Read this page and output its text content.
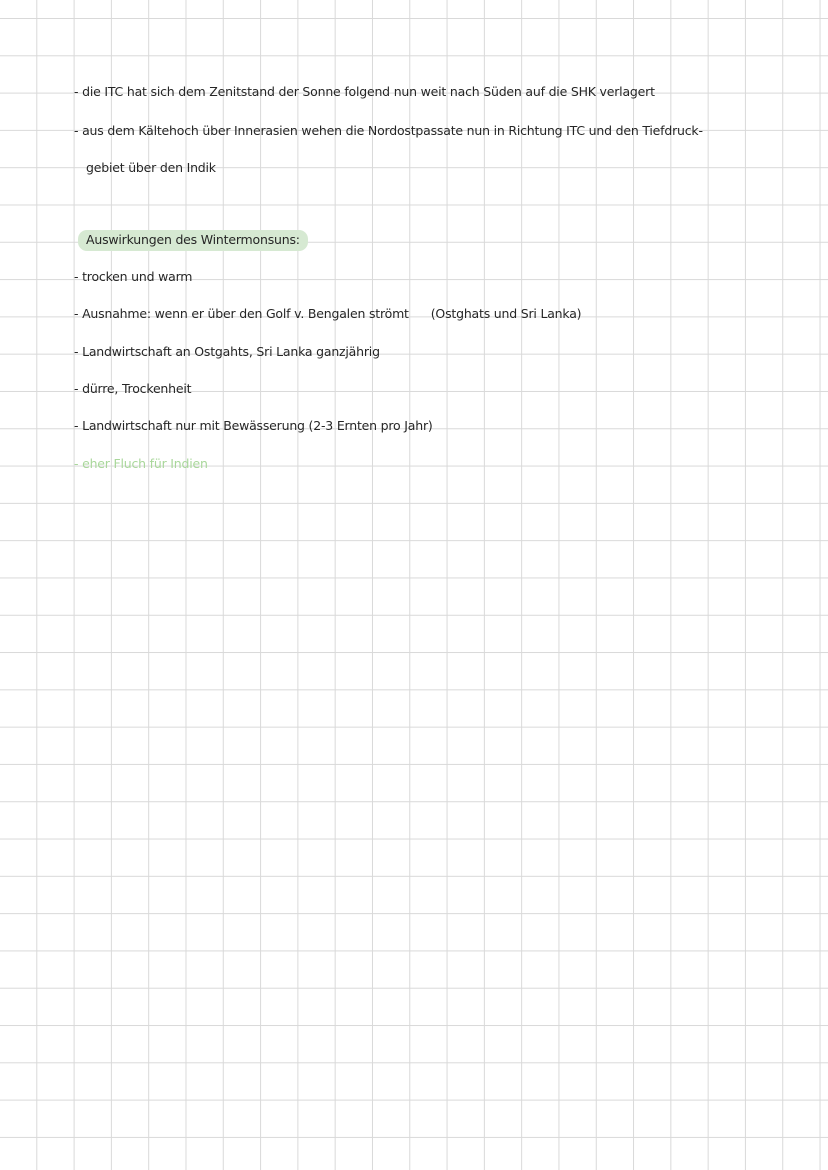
- die ITC hat sich dem Zenitstand der Sonne folgend nun weit nach Süden auf die SHK verlagert
- aus dem Kältehoch über Innerasien wehen die Nordostpassate nun in Richtung ITC und den Tiefdruck-
gebiet über den Indik
Auswirkungen des Wintermonsuns:
- trocken und warm
- Ausnahme: wenn er über den Golf v. Bengalen strömt (Ostghats und Sri Lanka)
- Landwirtschaft an Ostgahts, Sri Lanka ganzjährig
- dürre, Trockenheit
- Landwirtschaft nur mit Bewässerung (2-3 Ernten pro Jahr)
- eher Fluch für Indien
